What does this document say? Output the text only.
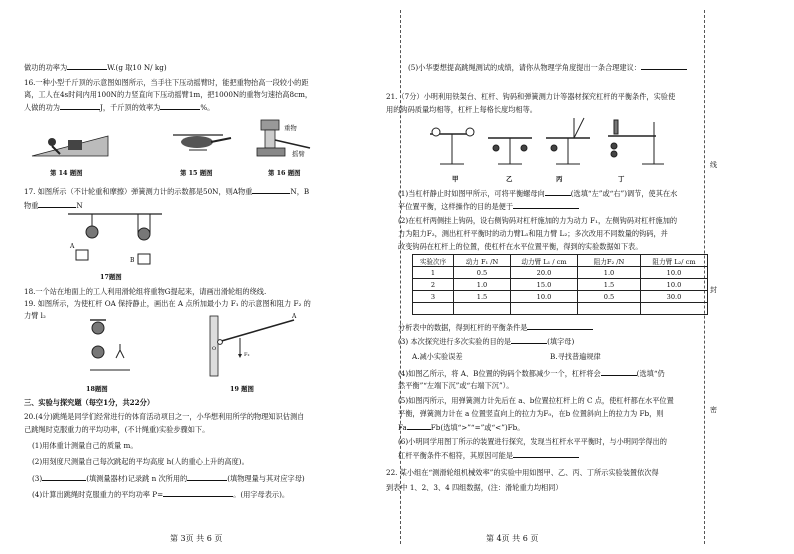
线
封
密
做功的功率为	W.(g 取10 N/ kg)
16.一种小型千斤顶的示意图如图所示，当手往下压动摇臂时，能把重物抬高一段较小的距
离，工人在4s时间内用100N的力竖直向下压动摇臂1m，把1000N的重物匀速抬高8cm，
人做的功为	J，千斤顶的效率为	%。
重物
摇臂
第 14 题图	第 15 题图	第 16 题图
17. 如图所示（不计轮重和摩擦）弹簧测力计的示数都是50N，则A物重	N，B
物重	N
A
B
17题图
18.一个站在地面上的工人利用滑轮组将重物G提起来，请画出滑轮组的绕线.
19. 如图所示，为使杠杆 OA 保持静止，画出在 A 点所加最小力 F₁ 的示意图和阻力 F₂ 的
力臂 l₂	A
F₂
O
18题图	19 题图
三、实验与探究题（每空1分，共22分）
20.(4分)跳绳是同学们经常进行的体育活动项目之一，小华想利用所学的物理知识估测自
己跳绳时克服重力的平均功率，(不计绳重)实验步骤如下。
(1)用体重计测量自己的质量 m。
(2)用刻度尺测量自己每次跳起的平均高度 h(人的重心上升的高度)。
(3)	(填测量器材)记录跳 n 次所用的	(填物理量与其对应字母)
(4)计算出跳绳时克服重力的平均功率 P=	。(用字母表示)。
第 3页 共 6 页
(5)小华要想提高跳绳测试的成绩，请你从物理学角度提出一条合理建议：
21.（7分）小明利用铁架台、杠杆、钩码和弹簧测力计等器材探究杠杆的平衡条件，实验使
用的钩码质量均相等，杠杆上每格长度均相等。
甲	乙	丙	丁
(1)当杠杆静止时如图甲所示，可将平衡螺母向	(选填“左”或“右”)调节，使其在水
平位置平衡，这样操作的目的是便于
(2)在杠杆两侧挂上钩码，设右侧钩码对杠杆施加的力为动力 F₁，左侧钩码对杠杆施加的
力为阻力F₂，测出杠杆平衡时的动力臂L₁和阻力臂 L₂；多次改用不同数量的钩码，并
改变钩码在杠杆上的位置，使杠杆在水平位置平衡，得到的实验数据如下表。
实验次序	动力 F₁ /N	动力臂 L₁ / cm	阻力F₂ /N	阻力臂 L₂/ cm
1	0.5	20.0	1.0	10.0
2	1.0	15.0	1.5	10.0
3	1.5	10.0	0.5	30.0

分析表中的数据，得到杠杆的平衡条件是
(3) 本次探究进行多次实验的目的是	(填字母)
A.减小实验误差	B.寻找普遍规律
(4)如图乙所示，将 A、B位置的钩码个数都减少一个，杠杆将会	(选填“仍
然平衡”“左端下沉”或“右端下沉”）。
(5)如图丙所示，用弹簧测力计先后在 a、b位置拉杠杆上的 C 点，使杠杆都在水平位置
平衡，弹簧测力计在 a 位置竖直向上的拉力为F₀，在b 位置斜向上的拉力为 Fb，则
Fa	Fb(选填“>”“=”或“<”)Fb。
(6)小明同学用图丁所示的装置进行探究，发现当杠杆水平平衡时，与小明同学得出的
杠杆平衡条件不相符，其原因可能是
22. 某小组在“测滑轮组机械效率”的实验中用如图甲、乙、丙、丁所示实验装置依次得
到表中 1、2、3、4 四组数据，(注：滑轮重力均相同）
第 4页 共 6 页
